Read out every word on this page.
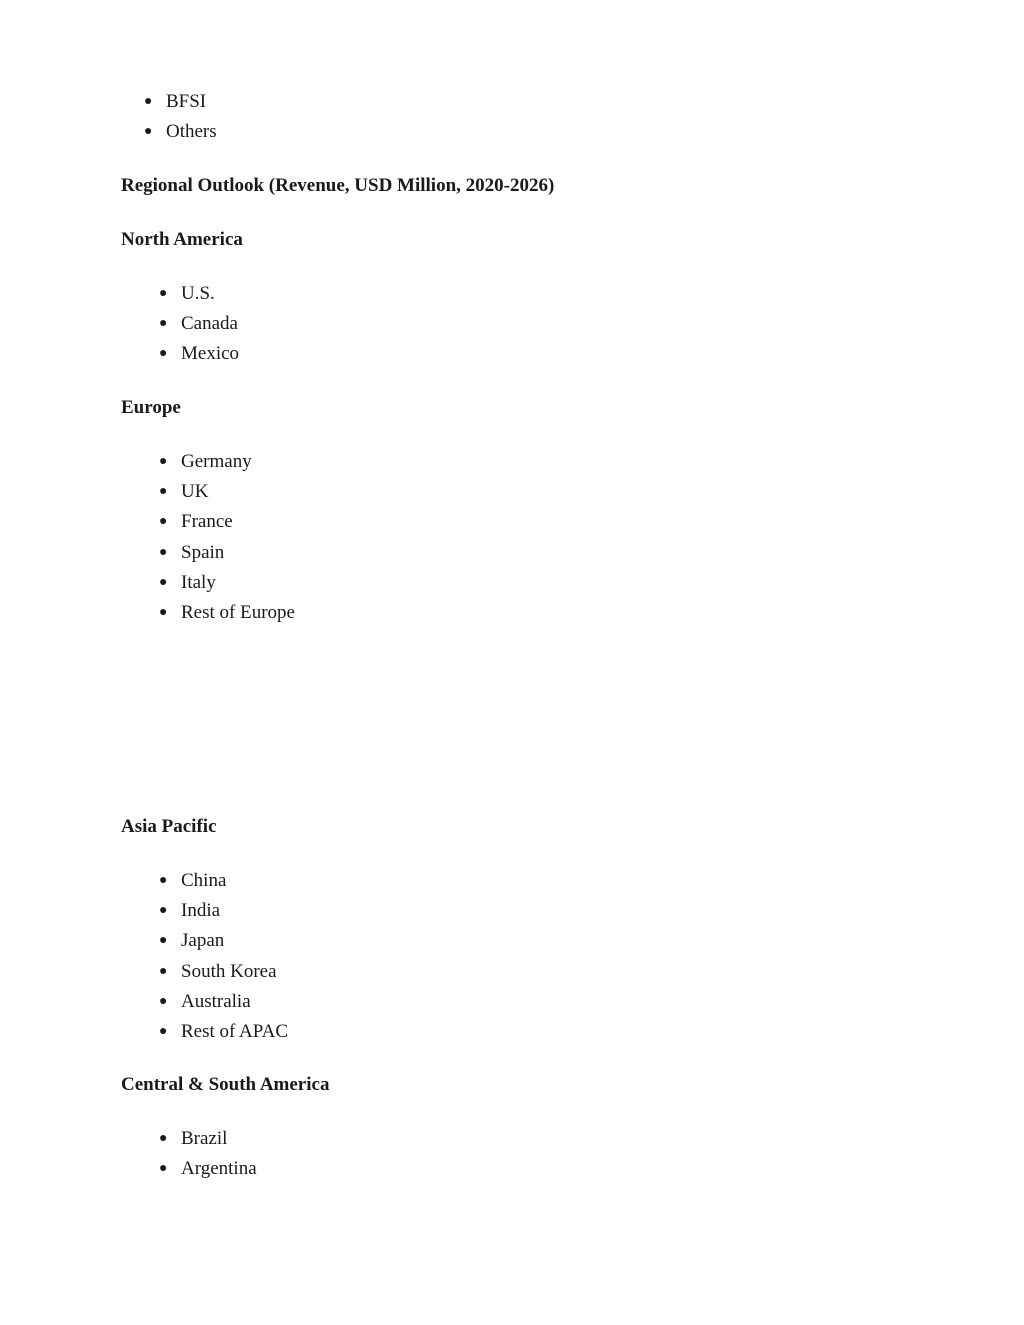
● BFSI
● Others
Regional Outlook (Revenue, USD Million, 2020-2026)
North America
● U.S.
● Canada
● Mexico
Europe
● Germany
● UK
● France
● Spain
● Italy
● Rest of Europe
Asia Pacific
● China
● India
● Japan
● South Korea
● Australia
● Rest of APAC
Central & South America
● Brazil
● Argentina
